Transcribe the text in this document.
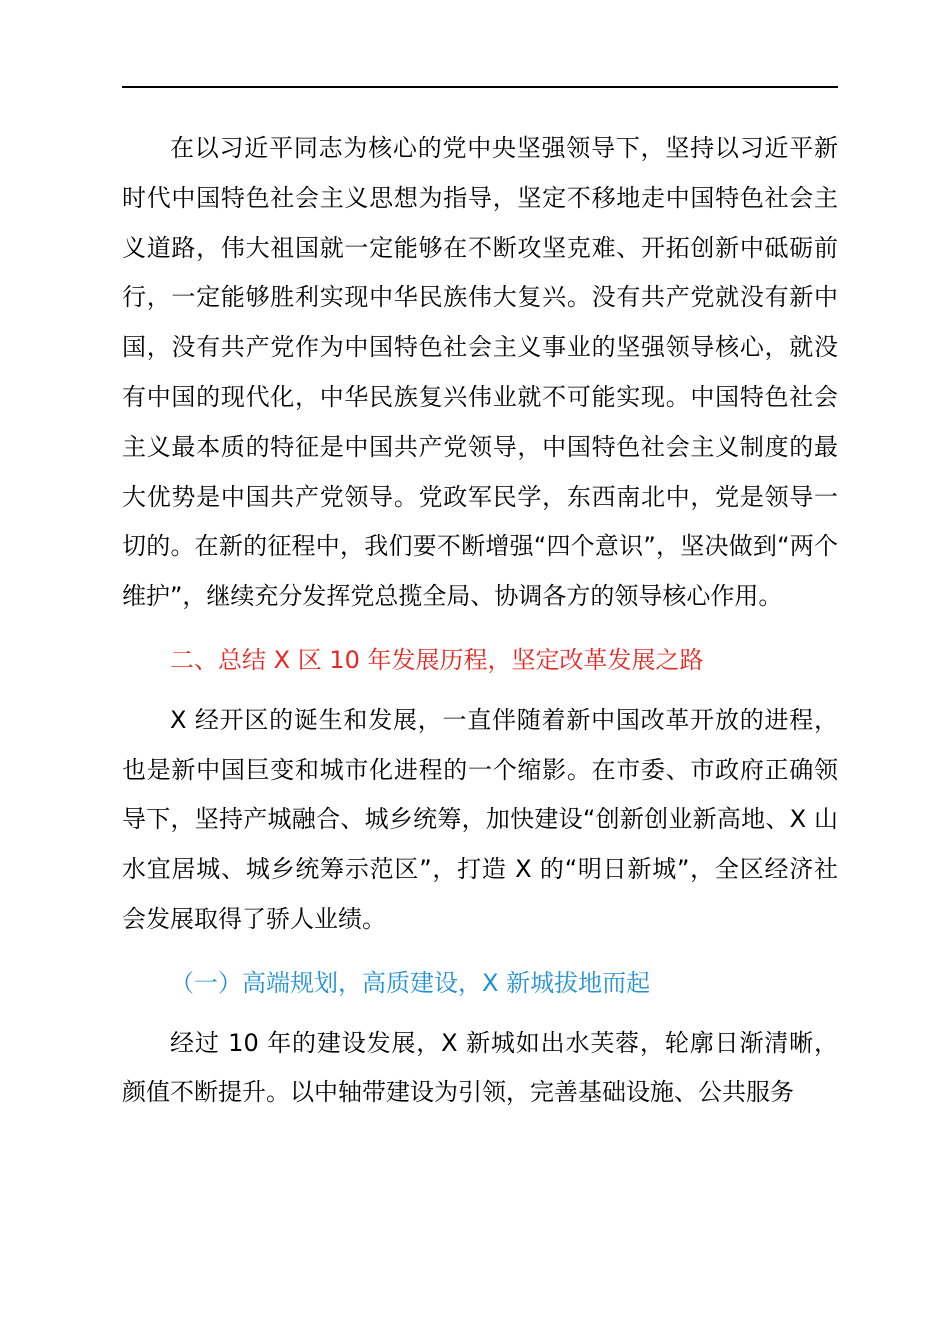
在以习近平同志为核心的党中央坚强领导下，坚持以习近平新时代中国特色社会主义思想为指导，坚定不移地走中国特色社会主义道路，伟大祖国就一定能够在不断攻坚克难、开拓创新中砥砺前行，一定能够胜利实现中华民族伟大复兴。没有共产党就没有新中国，没有共产党作为中国特色社会主义事业的坚强领导核心，就没有中国的现代化，中华民族复兴伟业就不可能实现。中国特色社会主义最本质的特征是中国共产党领导，中国特色社会主义制度的最大优势是中国共产党领导。党政军民学，东西南北中，党是领导一切的。在新的征程中，我们要不断增强“四个意识”，坚决做到“两个维护”，继续充分发挥党总揽全局、协调各方的领导核心作用。

二、总结 X 区 10 年发展历程，坚定改革发展之路

X 经开区的诞生和发展，一直伴随着新中国改革开放的进程，也是新中国巨变和城市化进程的一个缩影。在市委、市政府正确领导下，坚持产城融合、城乡统筹，加快建设“创新创业新高地、X 山水宜居城、城乡统筹示范区”，打造 X 的“明日新城”，全区经济社会发展取得了骄人业绩。

（一）高端规划，高质建设，X 新城拔地而起

经过 10 年的建设发展，X 新城如出水芙蓉，轮廓日渐清晰，颜值不断提升。以中轴带建设为引领，完善基础设施、公共服务
